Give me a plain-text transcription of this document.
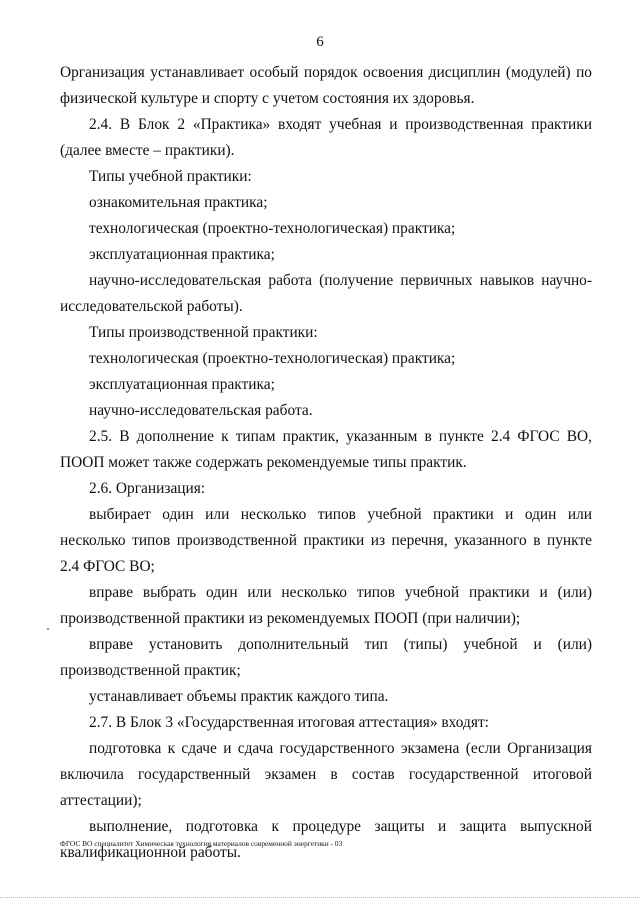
6

Организация устанавливает особый порядок освоения дисциплин (модулей) по физической культуре и спорту с учетом состояния их здоровья.

2.4. В Блок 2 «Практика» входят учебная и производственная практики (далее вместе – практики).

Типы учебной практики:

ознакомительная практика;

технологическая (проектно-технологическая) практика;

эксплуатационная практика;

научно-исследовательская работа (получение первичных навыков научно-исследовательской работы).

Типы производственной практики:

технологическая (проектно-технологическая) практика;

эксплуатационная практика;

научно-исследовательская работа.

2.5. В дополнение к типам практик, указанным в пункте 2.4 ФГОС ВО, ПООП может также содержать рекомендуемые типы практик.

2.6. Организация:

выбирает один или несколько типов учебной практики и один или несколько типов производственной практики из перечня, указанного в пункте 2.4 ФГОС ВО;

вправе выбрать один или несколько типов учебной практики и (или) производственной практики из рекомендуемых ПООП (при наличии);

вправе установить дополнительный тип (типы) учебной и (или) производственной практик;

устанавливает объемы практик каждого типа.

2.7. В Блок 3 «Государственная итоговая аттестация» входят:

подготовка к сдаче и сдача государственного экзамена (если Организация включила государственный экзамен в состав государственной итоговой аттестации);

выполнение, подготовка к процедуре защиты и защита выпускной квалификационной работы.

ФГОС ВО специалитет Химическая технология материалов современной энергетики - 03
